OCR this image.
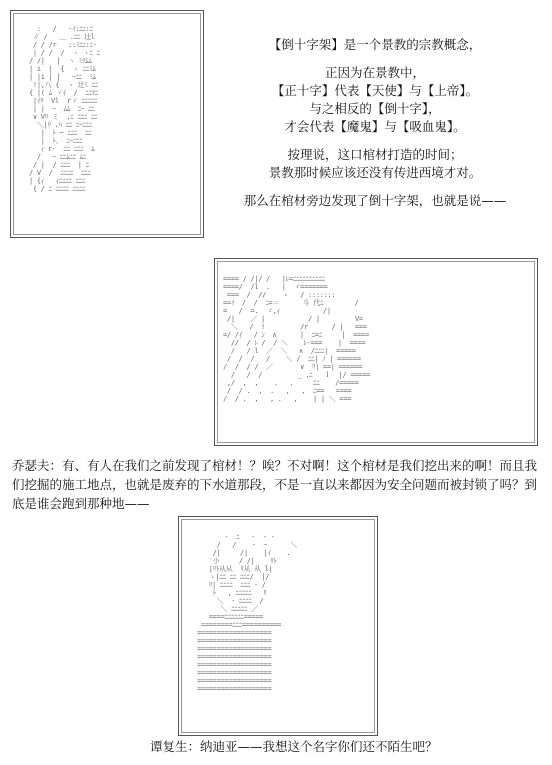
:   /   -ｲ:ﾆﾆ:ﾆ
∥ /   ＿ .ﾆﾆ 辻l
/ / /r   ::ﾐﾆﾆ:ﾆ‐
| / /  /  ヽ ヽﾆ ﾆ
/ /|   |  ヽ ﾐﾏﾑﾑ
| i  |  {  ゝ ﾆﾆﾐﾑ
| |i | |   ｰﾆﾆ  ﾐﾑ
!|,八 {  ゝ 辻ﾐ ﾆﾆ
{ |( ﾑ ヾｲ  /  ﾆﾆﾏﾆ
|ｲﾘ  Vl  rヾ ﾆﾆﾆﾆﾆ
| |  ｰ  ﾑﾑ  ﾆｰ ﾆﾆ
∨ Vﾘ ミ  ,ﾆ ﾆﾆﾆ ﾆﾆ
＼|ﾘ .ﾊ ﾆﾆ ﾆｰﾆﾆﾆ
|  ﾄ ~ ﾆﾆﾆ  ﾆﾆ
|  ﾄ、 ﾆｰﾆﾆﾆ
ｨ r‐  ﾆﾆ ﾆﾆﾆ  ﾑ
/   ｰ ﾆﾆﾑﾆﾆ ﾑﾆ
/ |  / ﾆﾆﾆ  | ﾆ
/ V  /  ﾆﾆﾆﾆ  ﾆﾆﾆ
| {ｨ   ｨﾆﾆﾆﾆ ﾆﾆﾆ
{ / ﾆ ﾆﾆﾆﾆ ﾆﾆﾆﾆ

【倒十字架】是一个景教的宗教概念，
正因为在景教中，
【正十字】代表【天使】与【上帝】。
与之相反的【倒十字】，
才会代表【魔鬼】与【吸血鬼】。
按理说，这口棺材打造的时间；
景教那时候应该还没有传进西境才对。
那么在棺材旁边发现了倒十字架，也就是说——

==== / /|/ /   |ﾚ=ﾆﾆﾆﾆﾆﾆﾆﾆﾆﾆ
====/  /l  .   |  ゞ=======
===  /  //    ゝ   / :::::::
==ｲ  /  /  ﾆ=＝      斗 代ﾆ        /
=   /  =.  ゞ,ｨ           /|
/|    ／ |           / |         V=
＼   /  !         /r      / |   ===
=/ /ｲ   / ﾝ  ∧      |  ﾆ=ﾆ     |  ====
//  / ﾚ /  / ＼    ﾚ-===    |  ====
/   / l  ／  ＼   ∧  /ﾆﾆﾆ|  =====
/  /  /   /    ＼ /  ﾆﾆ| ﾉ | ======
/  /  / /  ／       ∨  ﾘ| ==| ======
/   /  /         _ .ﾆ   ｌ  |/ =====
,/  ,  ,    .   .     ﾆﾆ    /=====
/  / .  ,  .   ,   ,  ﾆ==   ====
/  / .  ,   , .   ,    | | ＼ ===

乔瑟夫：有、有人在我们之前发现了棺材！？唉？不对啊！这个棺材是我们挖出来的啊！而且我们挖掘的施工地点，也就是废弃的下水道那段，不是一直以来都因为安全问题而被封锁了吗？到底是谁会跑到那种地——

‐  ﾆ   ‐  ‐ ‐
/   /    ‐  ｰ      ＼
/|     /|    |ｲ    .
′小     / /|    ﾘﾄ
|ﾘﾄ从从  ﾘ从 从 l|
ゝ|ﾆﾆ ﾆﾆ ﾆﾆﾆ/  |/
ﾘ| ﾆﾆﾆﾆ  ﾆﾆﾆ ‐ /
ﾄ   , ﾆﾆﾆﾆﾆ   ﾘ
＼  ‐ ﾆﾆﾆﾆ  /
＼ ﾆﾆﾆﾆﾆ ／
====ﾆﾆﾆﾆﾆﾆ=====
========ﾆﾆﾆ==========
===================
===================
===================
===================
===================
===================
===================
===================

谭复生：纳迪亚——我想这个名字你们还不陌生吧？
